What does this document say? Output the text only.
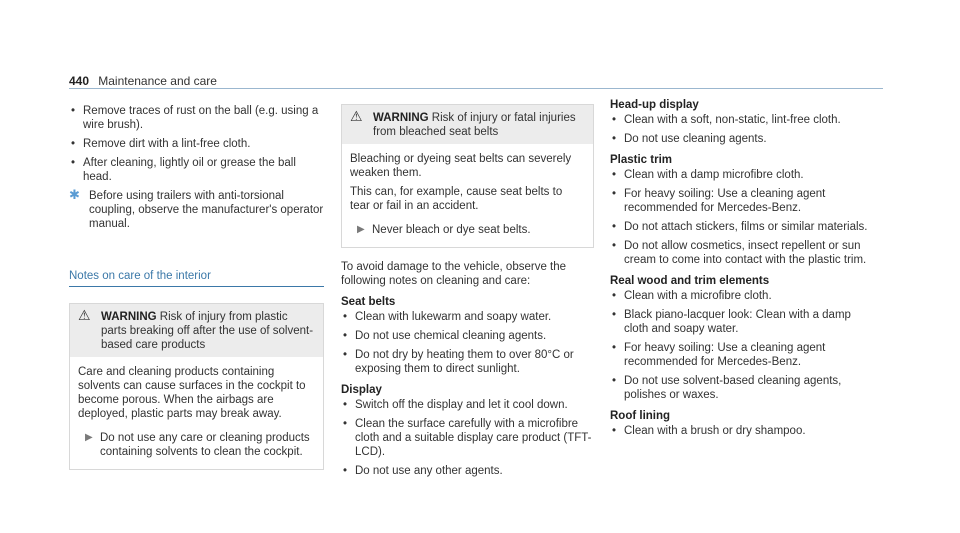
440 Maintenance and care
• Remove traces of rust on the ball (e.g. using a wire brush).
• Remove dirt with a lint-free cloth.
• After cleaning, lightly oil or grease the ball head.
✱ Before using trailers with anti-torsional coupling, observe the manufacturer's operator manual.
Notes on care of the interior
⚠ WARNING Risk of injury from plastic parts breaking off after the use of solvent-based care products

Care and cleaning products containing solvents can cause surfaces in the cockpit to become porous. When the airbags are deployed, plastic parts may break away.

▶ Do not use any care or cleaning products containing solvents to clean the cockpit.
⚠ WARNING Risk of injury or fatal injuries from bleached seat belts

Bleaching or dyeing seat belts can severely weaken them.

This can, for example, cause seat belts to tear or fail in an accident.

▶ Never bleach or dye seat belts.

To avoid damage to the vehicle, observe the following notes on cleaning and care:

Seat belts
• Clean with lukewarm and soapy water.
• Do not use chemical cleaning agents.
• Do not dry by heating them to over 80°C or exposing them to direct sunlight.
Display
• Switch off the display and let it cool down.
• Clean the surface carefully with a microfibre cloth and a suitable display care product (TFT-LCD).
• Do not use any other agents.
Head-up display
• Clean with a soft, non-static, lint-free cloth.
• Do not use cleaning agents.
Plastic trim
• Clean with a damp microfibre cloth.
• For heavy soiling: Use a cleaning agent recommended for Mercedes-Benz.
• Do not attach stickers, films or similar materials.
• Do not allow cosmetics, insect repellent or sun cream to come into contact with the plastic trim.
Real wood and trim elements
• Clean with a microfibre cloth.
• Black piano-lacquer look: Clean with a damp cloth and soapy water.
• For heavy soiling: Use a cleaning agent recommended for Mercedes-Benz.
• Do not use solvent-based cleaning agents, polishes or waxes.
Roof lining
• Clean with a brush or dry shampoo.
